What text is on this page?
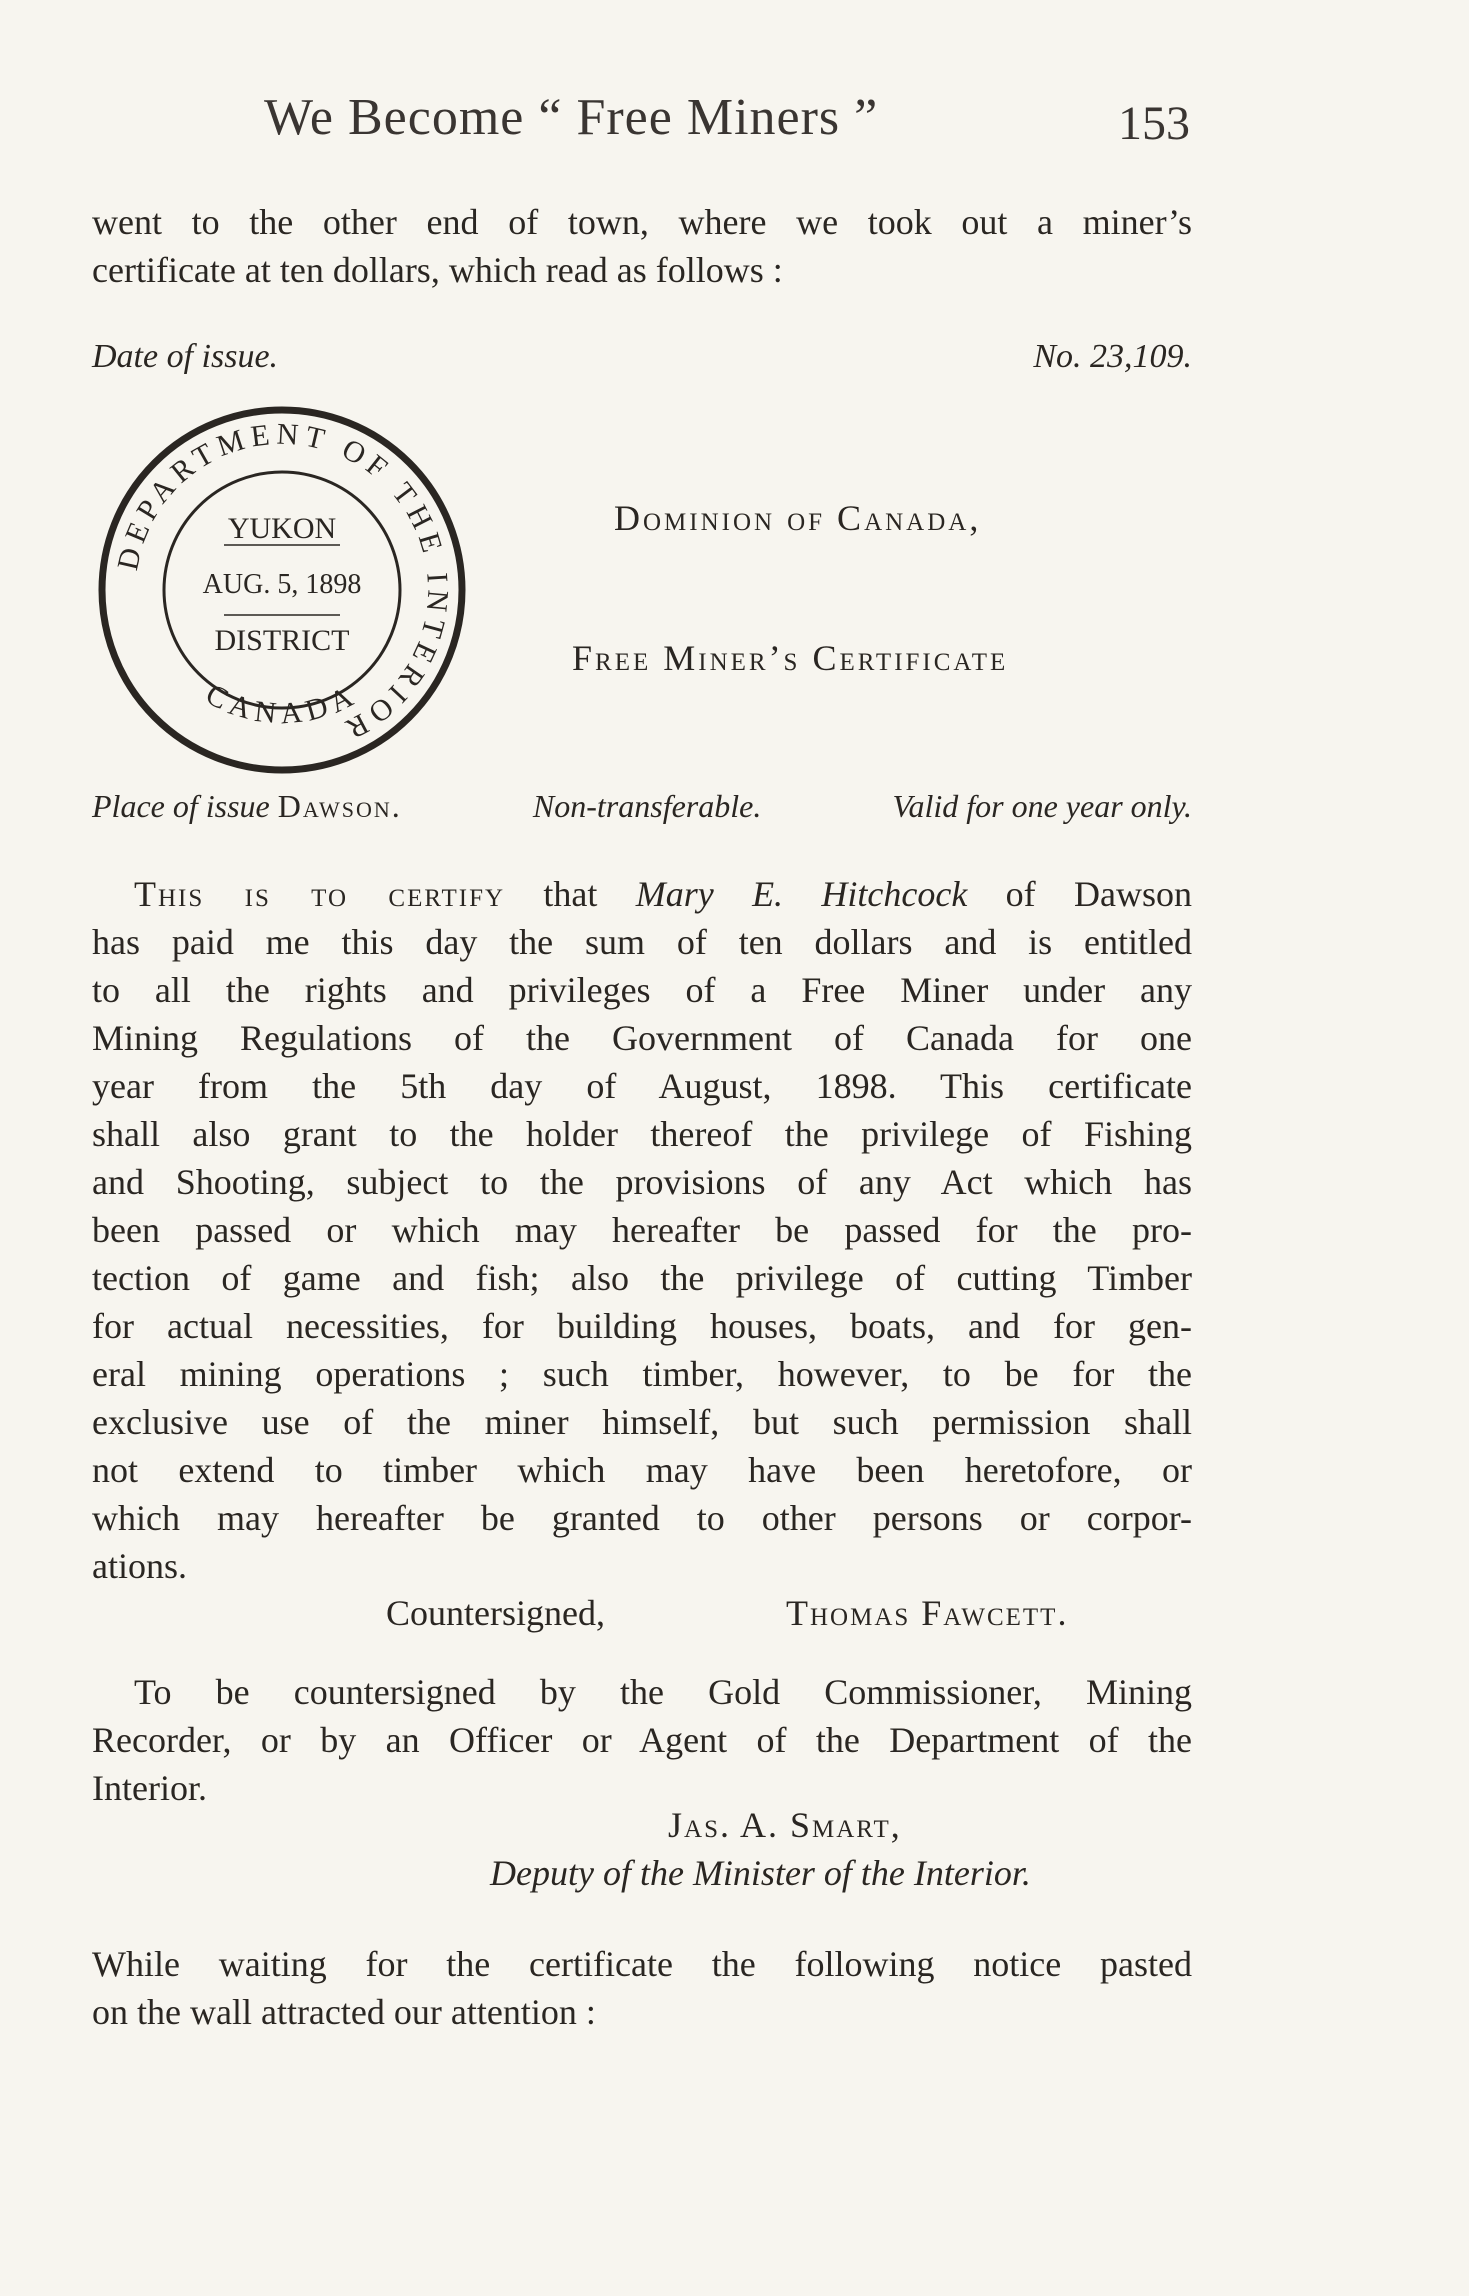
We Become “ Free Miners ”	153
went to the other end of town, where we took out a miner’s
certificate at ten dollars, which read as follows :
Date of issue.	No. 23,109.
DEPARTMENT OF THE INTERIOR
CANADA
YUKON
AUG. 5, 1898
DISTRICT
Dominion of Canada,
Free Miner’s Certificate
Place of issue Dawson.	Non-transferable.	Valid for one year only.
This is to certify that Mary E. Hitchcock of Dawson
has paid me this day the sum of ten dollars and is entitled
to all the rights and privileges of a Free Miner under any
Mining Regulations of the Government of Canada for one
year from the 5th day of August, 1898. This certificate
shall also grant to the holder thereof the privilege of Fishing
and Shooting, subject to the provisions of any Act which has
been passed or which may hereafter be passed for the pro-
tection of game and fish; also the privilege of cutting Timber
for actual necessities, for building houses, boats, and for gen-
eral mining operations ; such timber, however, to be for the
exclusive use of the miner himself, but such permission shall
not extend to timber which may have been heretofore, or
which may hereafter be granted to other persons or corpor-
ations.
Countersigned,	Thomas Fawcett.
To be countersigned by the Gold Commissioner, Mining
Recorder, or by an Officer or Agent of the Department of the
Interior.
Jas. A. Smart,
Deputy of the Minister of the Interior.
While waiting for the certificate the following notice pasted
on the wall attracted our attention :
